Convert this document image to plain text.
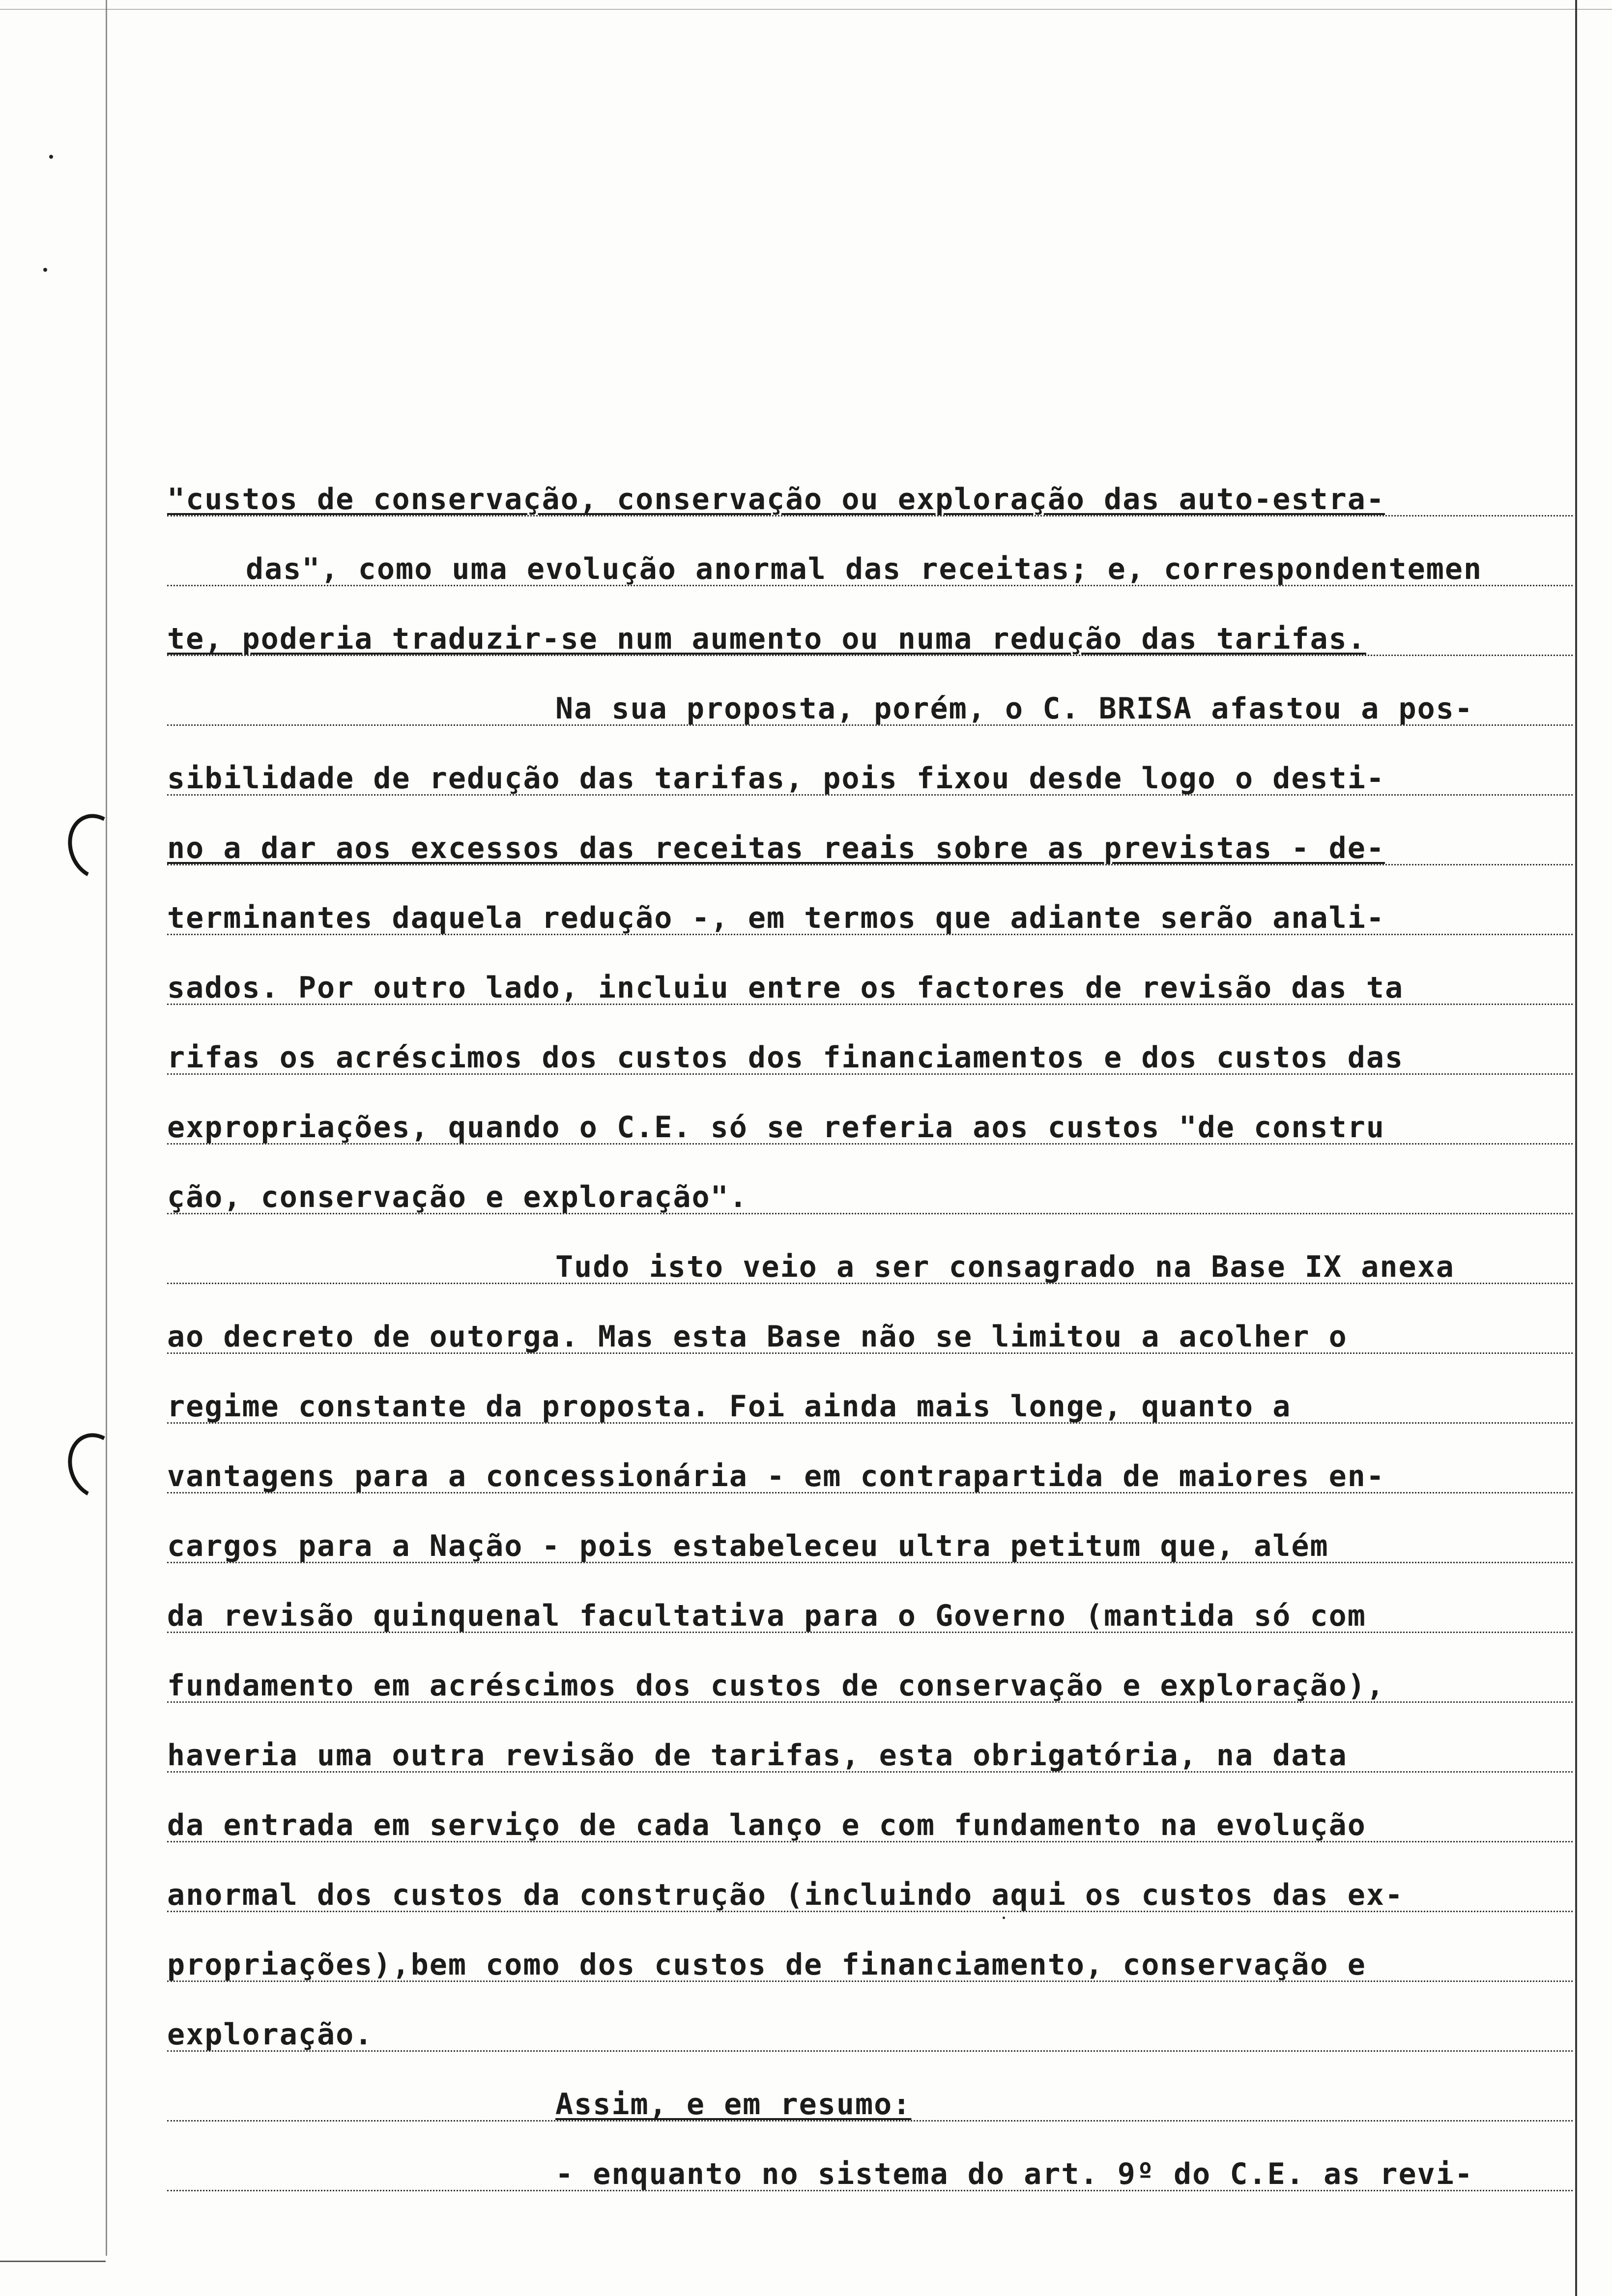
"custos de conservação, conservação ou exploração das auto-estra-
das", como uma evolução anormal das receitas; e, correspondentemen
te, poderia traduzir-se num aumento ou numa redução das tarifas.
Na sua proposta, porém, o C. BRISA afastou a pos-
sibilidade de redução das tarifas, pois fixou desde logo o desti-
no a dar aos excessos das receitas reais sobre as previstas - de-
terminantes daquela redução -, em termos que adiante serão anali-
sados. Por outro lado, incluiu entre os factores de revisão das ta
rifas os acréscimos dos custos dos financiamentos e dos custos das
expropriações, quando o C.E. só se referia aos custos "de constru
ção, conservação e exploração".
Tudo isto veio a ser consagrado na Base IX anexa
ao decreto de outorga. Mas esta Base não se limitou a acolher o
regime constante da proposta. Foi ainda mais longe, quanto a
vantagens para a concessionária - em contrapartida de maiores en-
cargos para a Nação - pois estabeleceu ultra petitum que, além
da revisão quinquenal facultativa para o Governo (mantida só com
fundamento em acréscimos dos custos de conservação e exploração),
haveria uma outra revisão de tarifas, esta obrigatória, na data
da entrada em serviço de cada lanço e com fundamento na evolução
anormal dos custos da construção (incluindo aqui os custos das ex-
propriações),bem como dos custos de financiamento, conservação e
exploração.
Assim, e em resumo:
- enquanto no sistema do art. 9º do C.E. as revi-
